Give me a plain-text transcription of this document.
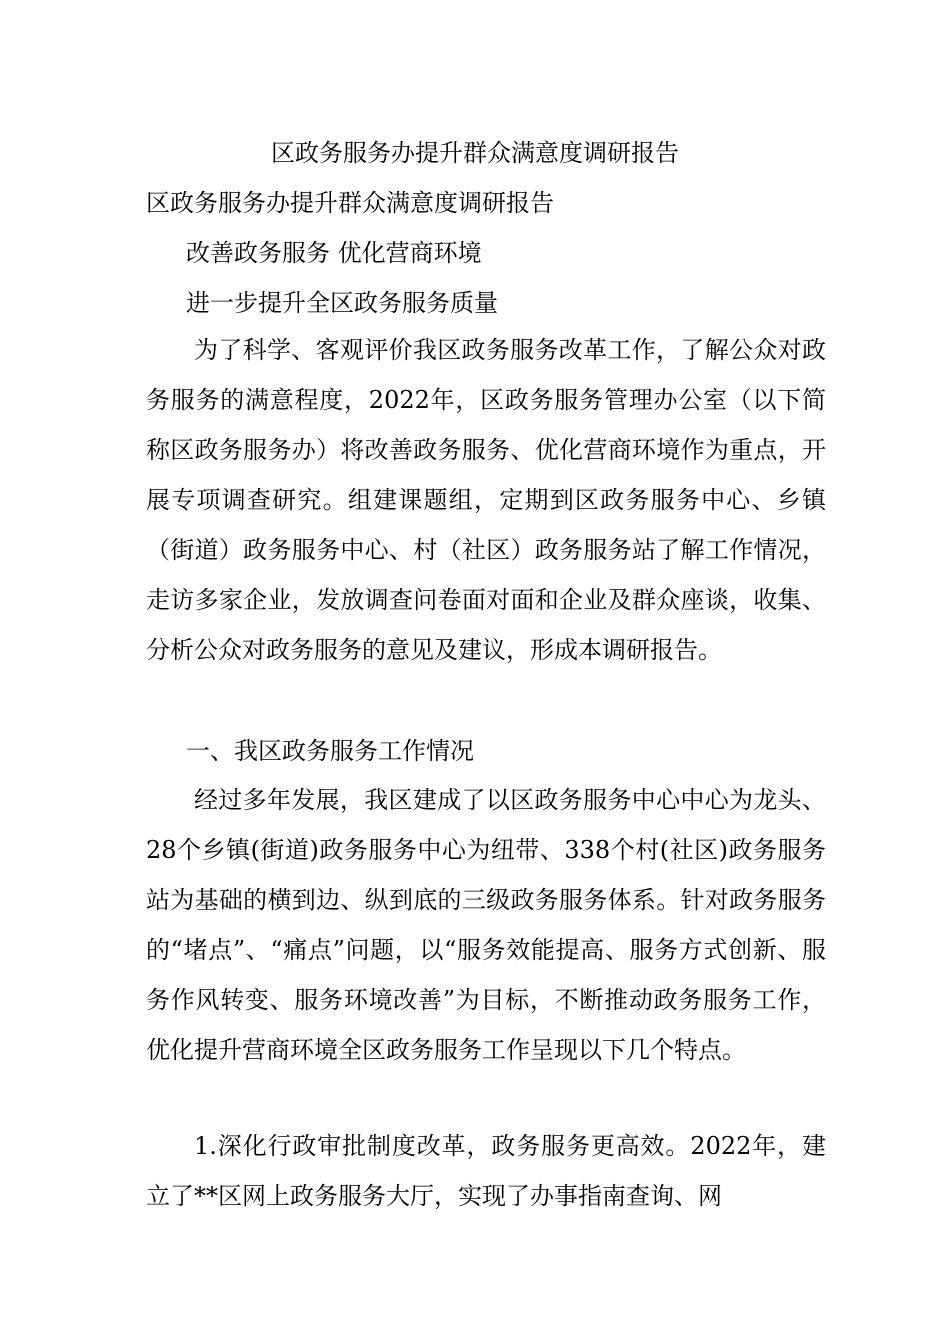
区政务服务办提升群众满意度调研报告

区政务服务办提升群众满意度调研报告

改善政务服务 优化营商环境

进一步提升全区政务服务质量

为了科学、客观评价我区政务服务改革工作，了解公众对政务服务的满意程度，2022年，区政务服务管理办公室（以下简称区政务服务办）将改善政务服务、优化营商环境作为重点，开展专项调查研究。组建课题组，定期到区政务服务中心、乡镇（街道）政务服务中心、村（社区）政务服务站了解工作情况，走访多家企业，发放调查问卷面对面和企业及群众座谈，收集、分析公众对政务服务的意见及建议，形成本调研报告。

一、我区政务服务工作情况

经过多年发展，我区建成了以区政务服务中心中心为龙头、28个乡镇(街道)政务服务中心为纽带、338个村(社区)政务服务站为基础的横到边、纵到底的三级政务服务体系。针对政务服务的“堵点”、“痛点”问题，以“服务效能提高、服务方式创新、服务作风转变、服务环境改善”为目标，不断推动政务服务工作，优化提升营商环境全区政务服务工作呈现以下几个特点。

1.深化行政审批制度改革，政务服务更高效。2022年，建立了**区网上政务服务大厅，实现了办事指南查询、网
